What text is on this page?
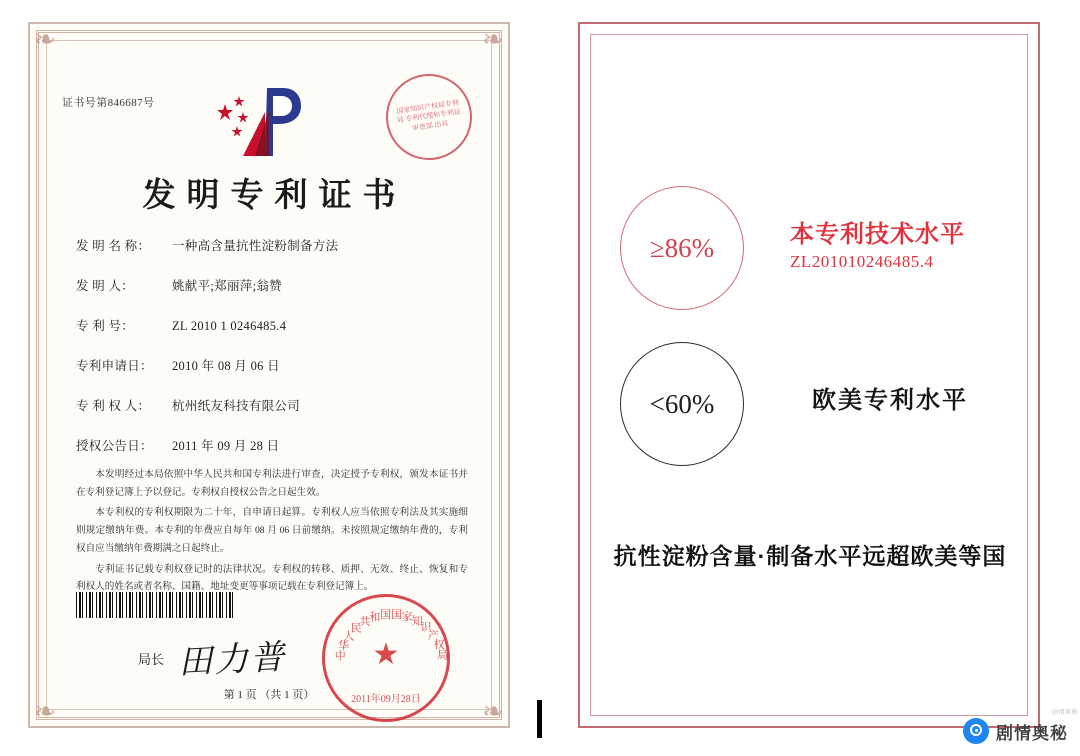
❧	❧
❧	❧
证书号第846687号	国家知识产权局专利局 专利代理和专利证 审查部 出具
发明专利证书
发 明 名 称： 一种高含量抗性淀粉制备方法
发 明 人：	姚献平;郑丽萍;翁赞
专 利 号：	ZL 2010 1 0246485.4
专利申请日： 2010 年 08 月 06 日
专 利 权 人： 杭州纸友科技有限公司
授权公告日： 2011 年 09 月 28 日

本发明经过本局依照中华人民共和国专利法进行审查，决定授予专利权，颁发本证书并在专利登记簿上予以登记。专利权自授权公告之日起生效。

本专利权的专利权期限为二十年，自申请日起算。专利权人应当依照专利法及其实施细则规定缴纳年费。本专利的年费应自每年 08 月 06 日前缴纳。未按照规定缴纳年费的，专利权自应当缴纳年费期满之日起终止。

专利证书记载专利权登记时的法律状况。专利权的转移、质押、无效、终止、恢复和专利权人的姓名或者名称、国籍、地址变更等事项记载在专利登记簿上。

局长 田力普	★
中
华
人
民
共
和 国 国 家 知
识
产
权
局
2011年09月28日
第 1 页 （共 1 页）
≥86%	本专利技术水平
ZL201010246485.4
<60%	欧美专利水平
抗性淀粉含量·制备水平远超欧美等国
剧情奥秘
剧情奥秘
